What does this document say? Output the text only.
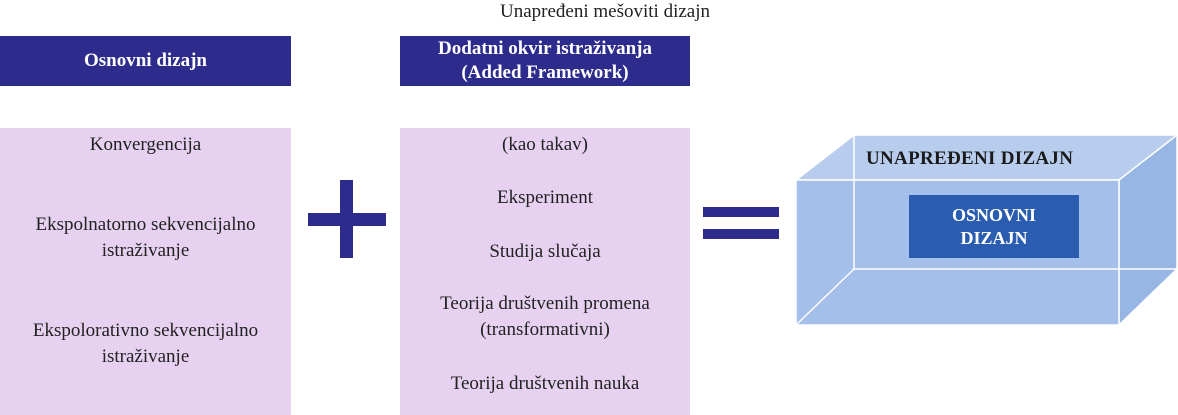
Unapređeni mešoviti dizajn
Osnovni dizajn
Dodatni okvir istraživanja
(Added Framework)
Konvergencija
Ekspolnatorno sekvencijalno
istraživanje
Ekspolorativno sekvencijalno
istraživanje
(kao takav)
Eksperiment
Studija slučaja
Teorija društvenih promena
(transformativni)
Teorija društvenih nauka
UNAPREĐENI DIZAJN
OSNOVNI
DIZAJN
